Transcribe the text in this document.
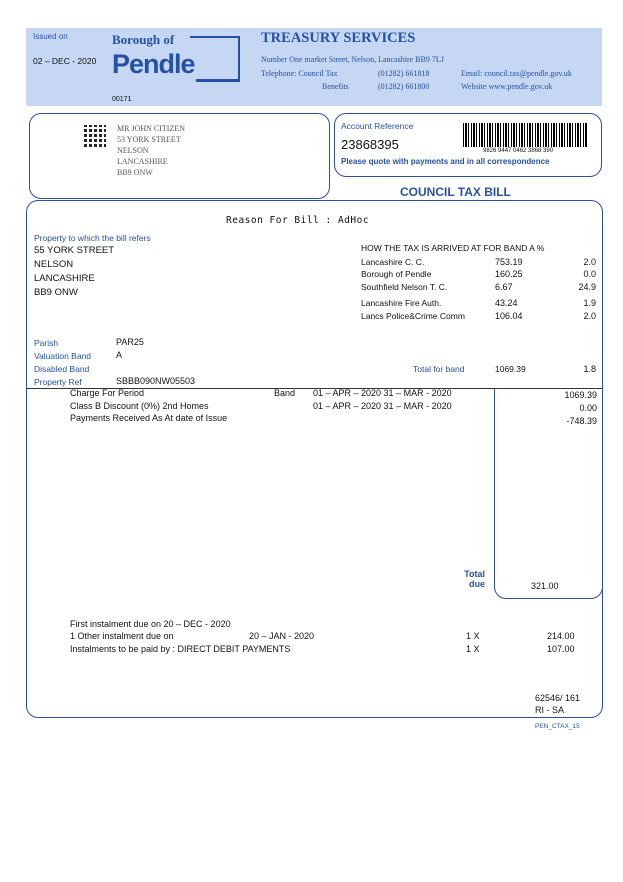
Issued on
02 – DEC - 2020
Borough of
Pendle
00171
TREASURY SERVICES
Number One market Street, Nelson, Lancashire BB9 7LJ
Telephone: Council Tax	(01282) 661818
Benefits	(01282) 661800
Email: council.tax@pendle.gov.uk
Website www.pendle.gov.uk
MR JOHN CITIZEN
53 YORK STREET
NELSON
LANCASHIRE
BB9 ONW
Account Reference
23868395	9826 9447 0462 3868 390
Please quote with payments and in all correspondence
COUNCIL TAX BILL
Reason For Bill : AdHoc
Property to which the bill refers
55 YORK STREET
NELSON
LANCASHIRE
BB9 ONW
HOW THE TAX IS ARRIVED AT FOR BAND A %
Lancashire C. C.	753.19	2.0
Borough of Pendle	160.25	0.0
Southfield Nelson T. C.	6.67	24.9
Lancashire Fire Auth.	43.24	1.9
Lancs Police&Crime Comm	106.04	2.0
Parish	PAR25
Valuation Band	A
Disabled Band
Property Ref	SBBB090NW05503
Total for band	1069.39	1.8
Charge For Period	Band 01 – APR – 2020 31 – MAR - 2020	1069.39
Class B Discount (0%) 2nd Homes	01 – APR – 2020 31 – MAR - 2020	0.00
Payments Received As At date of Issue	-748.39
Total
due	321.00
First instalment due on 20 – DEC - 2020
1 Other instalment due on	20 – JAN - 2020	1 X	214.00
Instalments to be paid by : DIRECT DEBIT PAYMENTS	1 X	107.00
62546/ 161
RI - SA
PEN_CTAX_15
